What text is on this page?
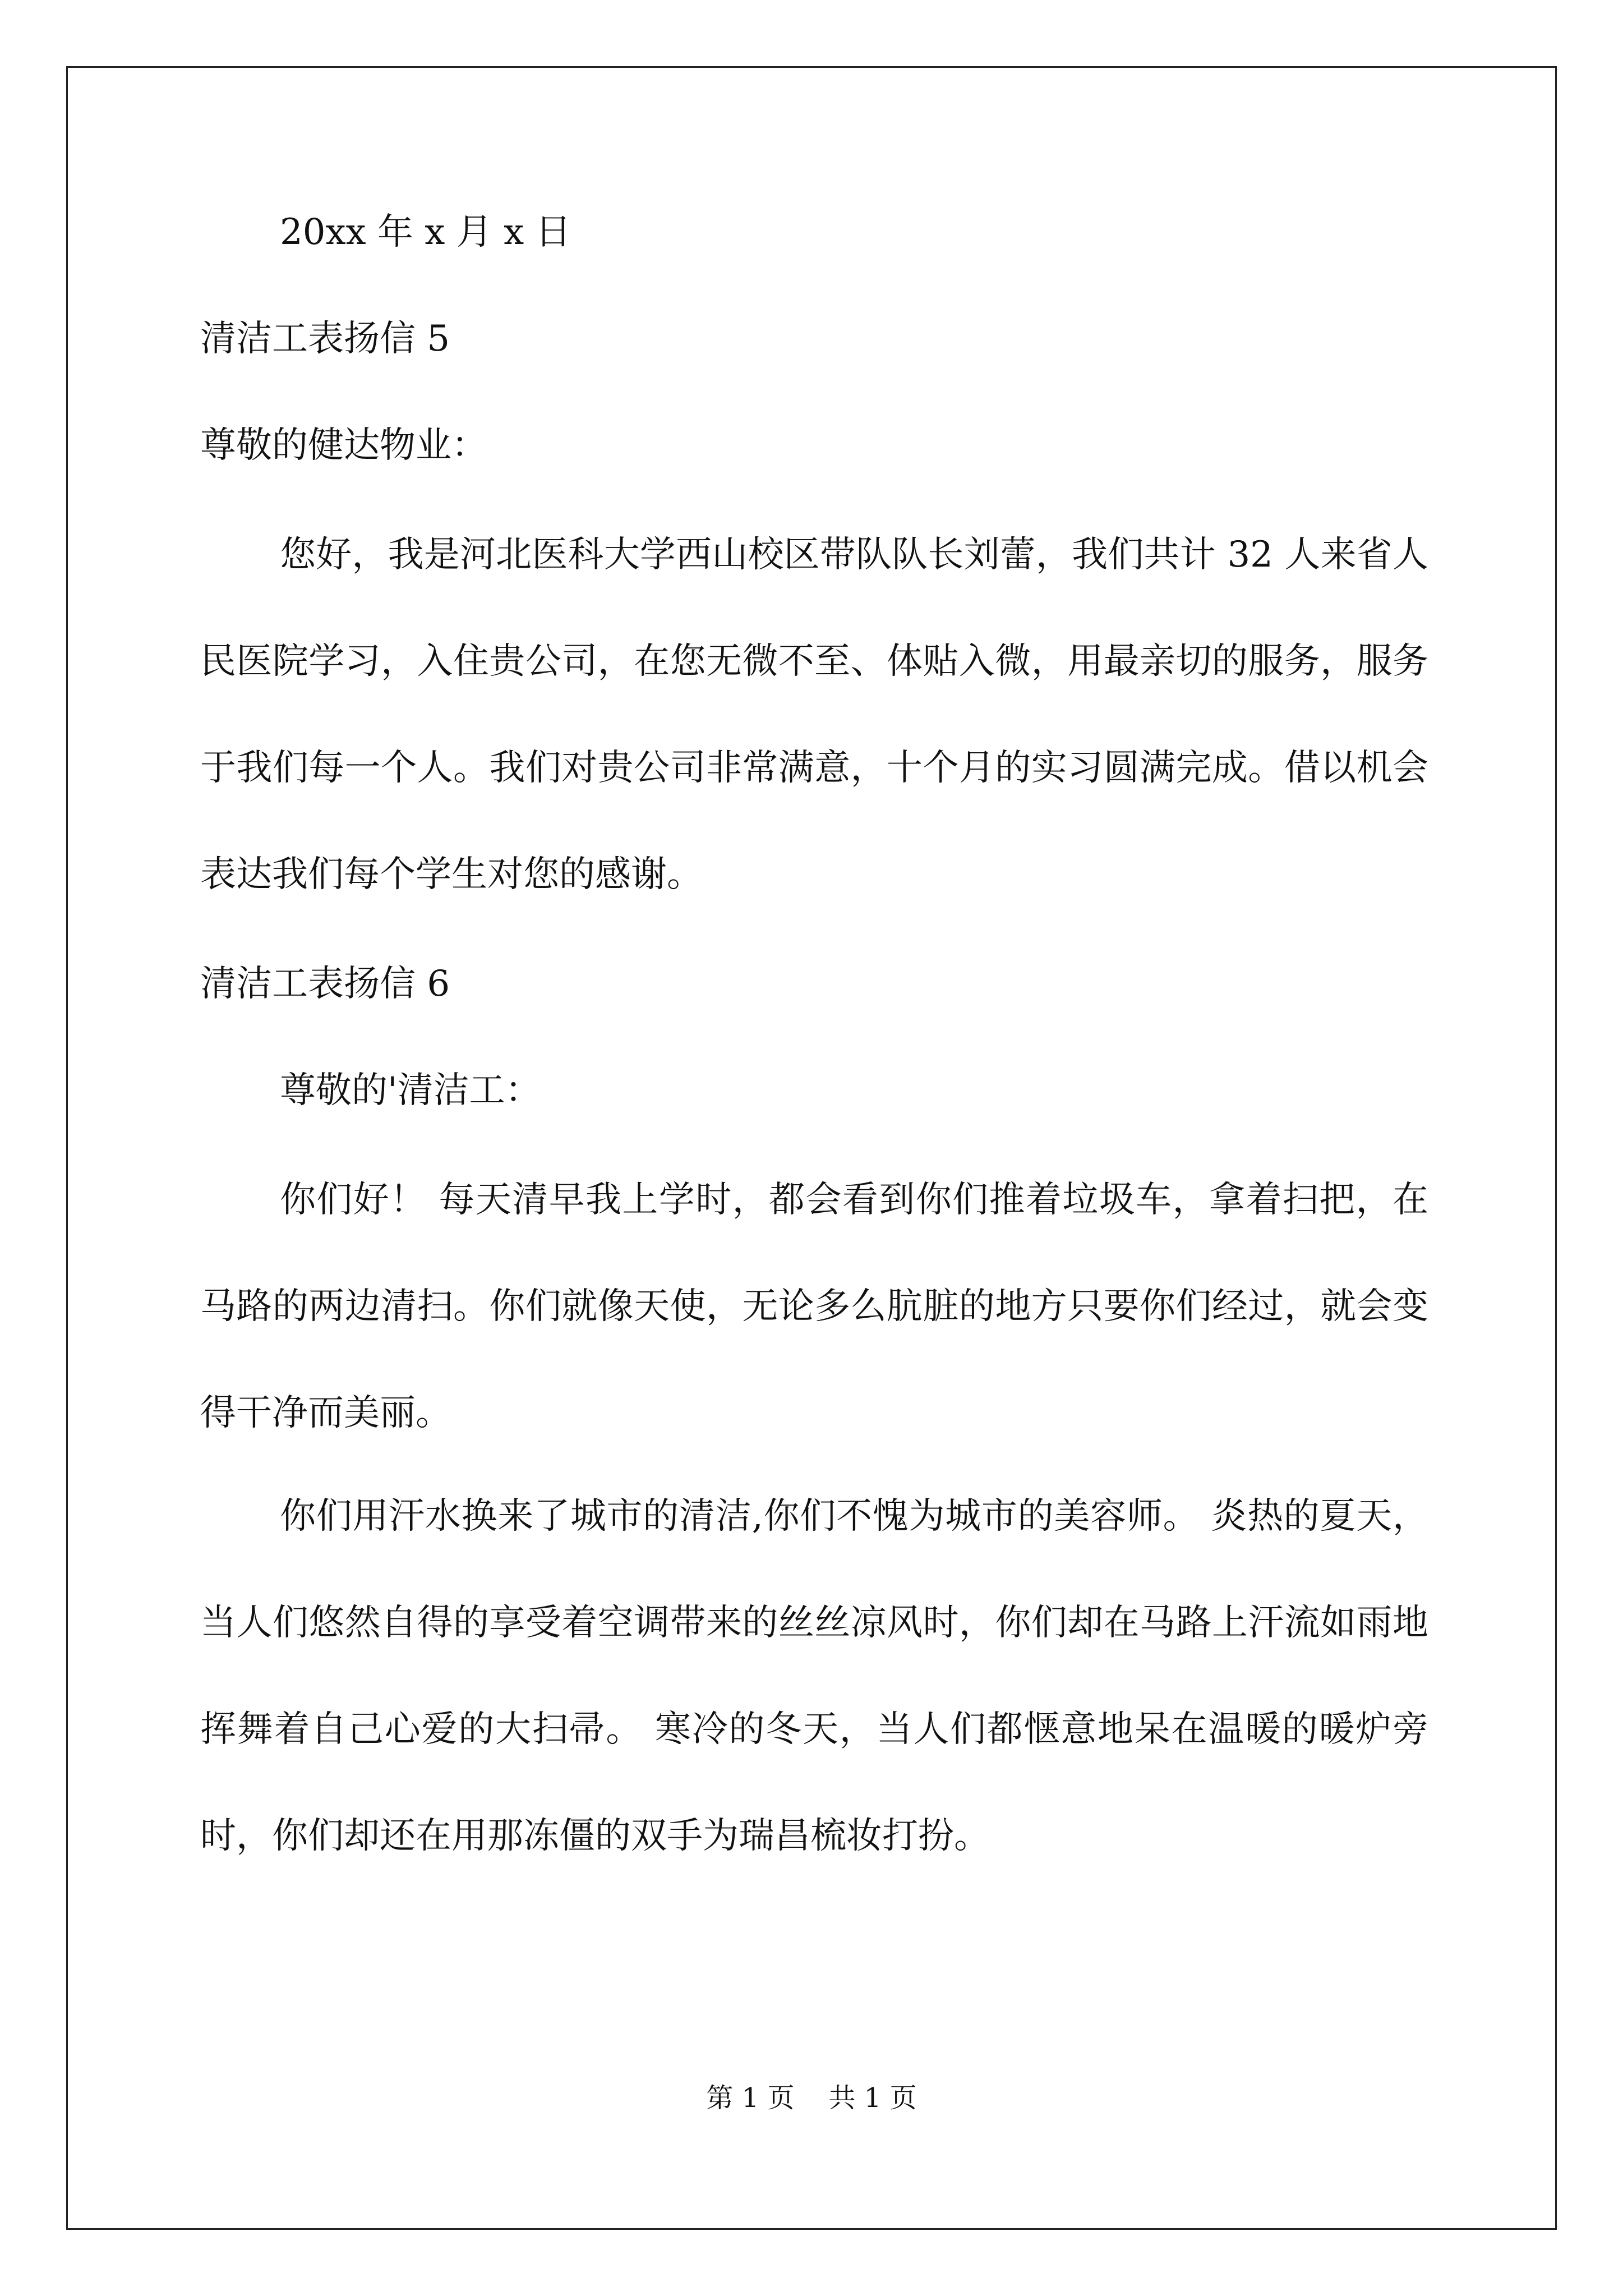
20xx 年 x 月 x 日

清洁工表扬信 5

尊敬的健达物业：

您好，我是河北医科大学西山校区带队队长刘蕾，我们共计 32 人来省人民医院学习，入住贵公司，在您无微不至、体贴入微，用最亲切的服务，服务于我们每一个人。我们对贵公司非常满意，十个月的实习圆满完成。借以机会表达我们每个学生对您的感谢。

清洁工表扬信 6

尊敬的'清洁工：

你们好！ 每天清早我上学时，都会看到你们推着垃圾车，拿着扫把，在马路的两边清扫。你们就像天使，无论多么肮脏的地方只要你们经过，就会变得干净而美丽。

你们用汗水换来了城市的清洁,你们不愧为城市的美容师。 炎热的夏天，当人们悠然自得的享受着空调带来的丝丝凉风时，你们却在马路上汗流如雨地挥舞着自己心爱的大扫帚。 寒冷的冬天，当人们都惬意地呆在温暖的暖炉旁时，你们却还在用那冻僵的双手为瑞昌梳妆打扮。

第 1 页    共 1 页
